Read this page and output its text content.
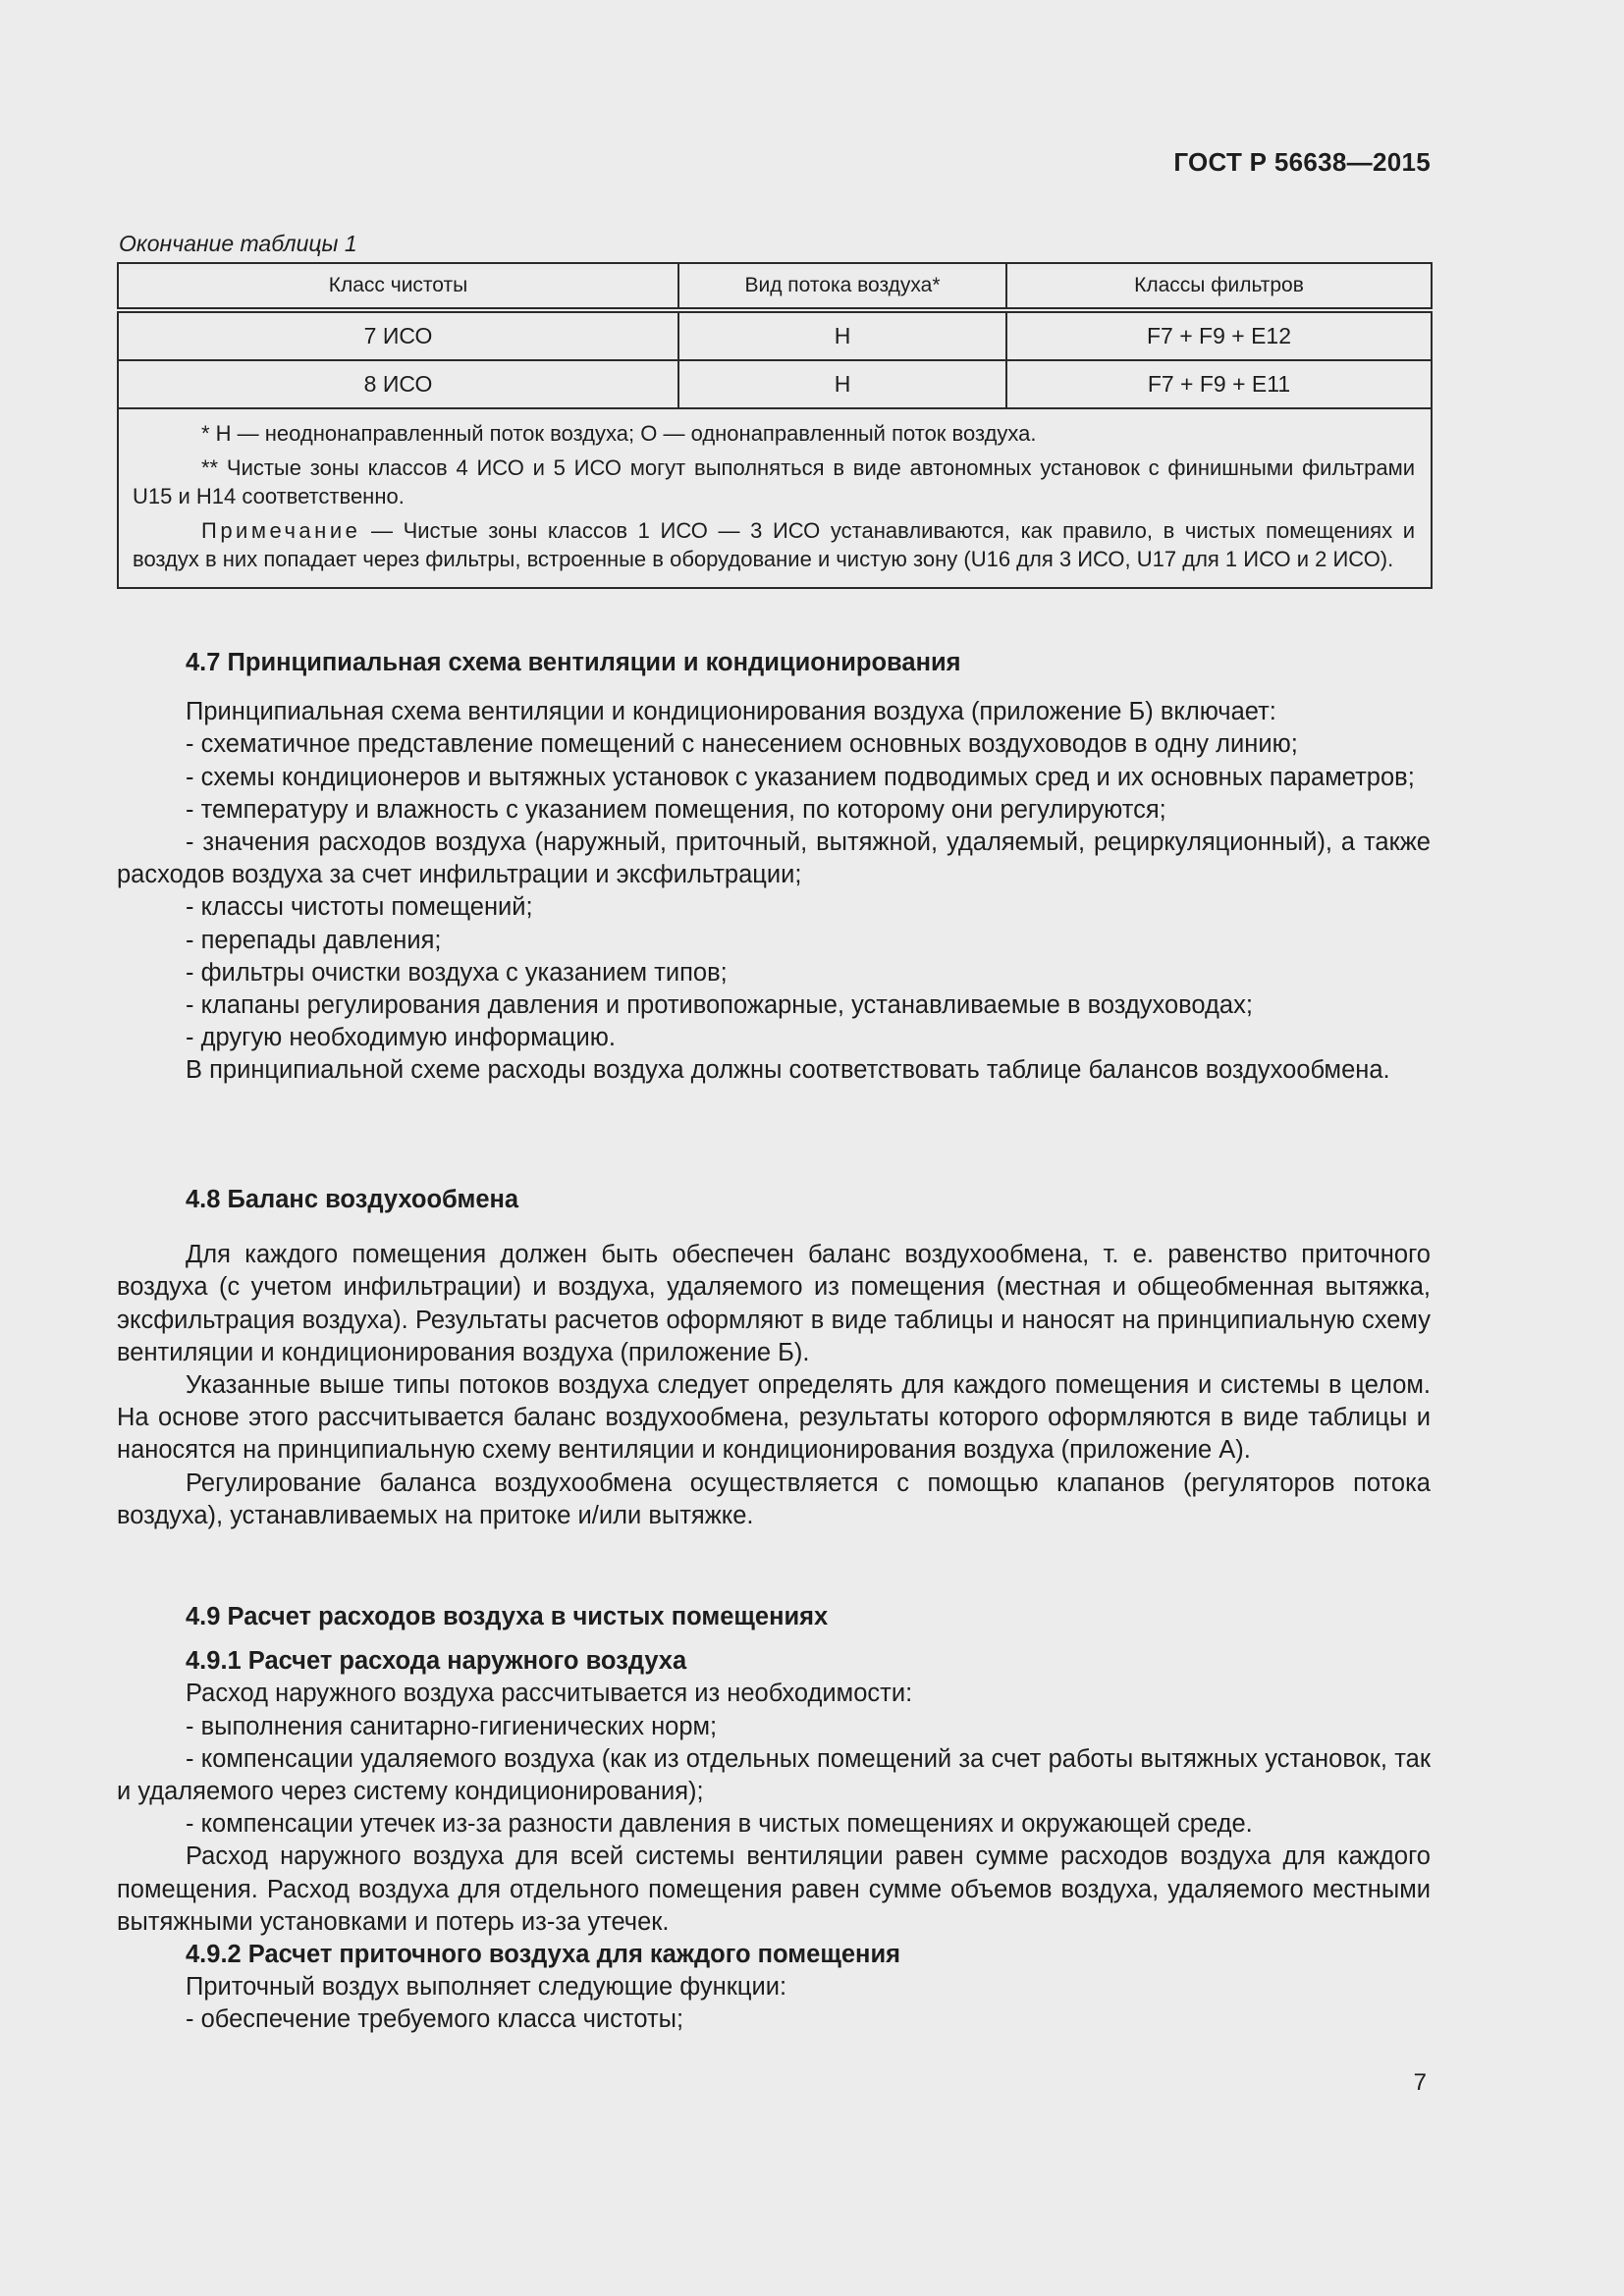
ГОСТ Р 56638—2015
Окончание таблицы 1
Класс чистоты	Вид потока воздуха*	Классы фильтров
7 ИСО	Н	F7 + F9 + E12
8 ИСО	Н	F7 + F9 + E11

* Н — неоднонаправленный поток воздуха; О — однонаправленный поток воздуха.

** Чистые зоны классов 4 ИСО и 5 ИСО могут выполняться в виде автономных установок с финишными фильтрами U15 и H14 соответственно.

Примечание — Чистые зоны классов 1 ИСО — 3 ИСО устанавливаются, как правило, в чистых помещениях и воздух в них попадает через фильтры, встроенные в оборудование и чистую зону (U16 для 3 ИСО, U17 для 1 ИСО и 2 ИСО).		

4.7 Принципиальная схема вентиляции и кондиционирования

Принципиальная схема вентиляции и кондиционирования воздуха (приложение Б) включает:

- схематичное представление помещений с нанесением основных воздуховодов в одну линию;

- схемы кондиционеров и вытяжных установок с указанием подводимых сред и их основных параметров;

- температуру и влажность с указанием помещения, по которому они регулируются;

- значения расходов воздуха (наружный, приточный, вытяжной, удаляемый, рециркуляционный), а также расходов воздуха за счет инфильтрации и эксфильтрации;

- классы чистоты помещений;

- перепады давления;

- фильтры очистки воздуха с указанием типов;

- клапаны регулирования давления и противопожарные, устанавливаемые в воздуховодах;

- другую необходимую информацию.

В принципиальной схеме расходы воздуха должны соответствовать таблице балансов воздухообмена.

4.8 Баланс воздухообмена

Для каждого помещения должен быть обеспечен баланс воздухообмена, т. е. равенство приточного воздуха (с учетом инфильтрации) и воздуха, удаляемого из помещения (местная и общеобменная вытяжка, эксфильтрация воздуха). Результаты расчетов оформляют в виде таблицы и наносят на принципиальную схему вентиляции и кондиционирования воздуха (приложение Б).

Указанные выше типы потоков воздуха следует определять для каждого помещения и системы в целом. На основе этого рассчитывается баланс воздухообмена, результаты которого оформляются в виде таблицы и наносятся на принципиальную схему вентиляции и кондиционирования воздуха (приложение А).

Регулирование баланса воздухообмена осуществляется с помощью клапанов (регуляторов потока воздуха), устанавливаемых на притоке и/или вытяжке.

4.9 Расчет расходов воздуха в чистых помещениях

4.9.1 Расчет расхода наружного воздуха

Расход наружного воздуха рассчитывается из необходимости:

- выполнения санитарно-гигиенических норм;

- компенсации удаляемого воздуха (как из отдельных помещений за счет работы вытяжных установок, так и удаляемого через систему кондиционирования);

- компенсации утечек из-за разности давления в чистых помещениях и окружающей среде.

Расход наружного воздуха для всей системы вентиляции равен сумме расходов воздуха для каждого помещения. Расход воздуха для отдельного помещения равен сумме объемов воздуха, удаляемого местными вытяжными установками и потерь из-за утечек.

4.9.2 Расчет приточного воздуха для каждого помещения

Приточный воздух выполняет следующие функции:

- обеспечение требуемого класса чистоты;

7
